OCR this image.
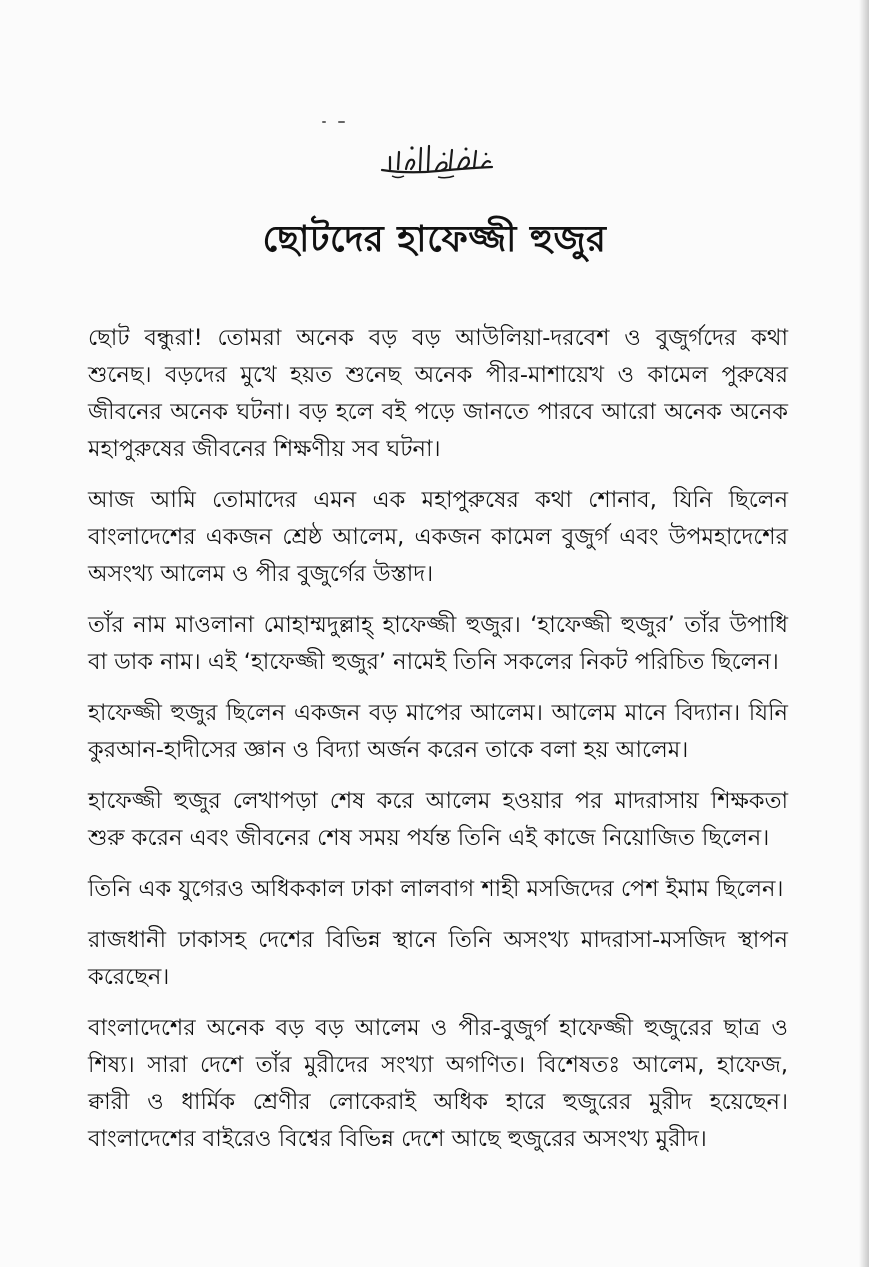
ছোটদের হাফেজ্জী হুজুর

ছোট বন্ধুরা! তোমরা অনেক বড় বড় আউলিয়া-দরবেশ ও বুজুর্গদের কথা শুনেছ। বড়দের মুখে হয়ত শুনেছ অনেক পীর-মাশায়েখ ও কামেল পুরুষের জীবনের অনেক ঘটনা। বড় হলে বই পড়ে জানতে পারবে আরো অনেক অনেক মহাপুরুষের জীবনের শিক্ষণীয় সব ঘটনা।

আজ আমি তোমাদের এমন এক মহাপুরুষের কথা শোনাব, যিনি ছিলেন বাংলাদেশের একজন শ্রেষ্ঠ আলেম, একজন কামেল বুজুর্গ এবং উপমহাদেশের অসংখ্য আলেম ও পীর বুজুর্গের উস্তাদ।

তাঁর নাম মাওলানা মোহাম্মদুল্লাহ্ হাফেজ্জী হুজুর। ‘হাফেজ্জী হুজুর’ তাঁর উপাধি বা ডাক নাম। এই ‘হাফেজ্জী হুজুর’ নামেই তিনি সকলের নিকট পরিচিত ছিলেন।

হাফেজ্জী হুজুর ছিলেন একজন বড় মাপের আলেম। আলেম মানে বিদ্যান। যিনি কুরআন-হাদীসের জ্ঞান ও বিদ্যা অর্জন করেন তাকে বলা হয় আলেম।

হাফেজ্জী হুজুর লেখাপড়া শেষ করে আলেম হওয়ার পর মাদরাসায় শিক্ষকতা শুরু করেন এবং জীবনের শেষ সময় পর্যন্ত তিনি এই কাজে নিয়োজিত ছিলেন।

তিনি এক যুগেরও অধিককাল ঢাকা লালবাগ শাহী মসজিদের পেশ ইমাম ছিলেন।

রাজধানী ঢাকাসহ দেশের বিভিন্ন স্থানে তিনি অসংখ্য মাদরাসা-মসজিদ স্থাপন করেছেন।

বাংলাদেশের অনেক বড় বড় আলেম ও পীর-বুজুর্গ হাফেজ্জী হুজুরের ছাত্র ও শিষ্য। সারা দেশে তাঁর মুরীদের সংখ্যা অগণিত। বিশেষতঃ আলেম, হাফেজ, ক্বারী ও ধার্মিক শ্রেণীর লোকেরাই অধিক হারে হুজুরের মুরীদ হয়েছেন। বাংলাদেশের বাইরেও বিশ্বের বিভিন্ন দেশে আছে হুজুরের অসংখ্য মুরীদ।
